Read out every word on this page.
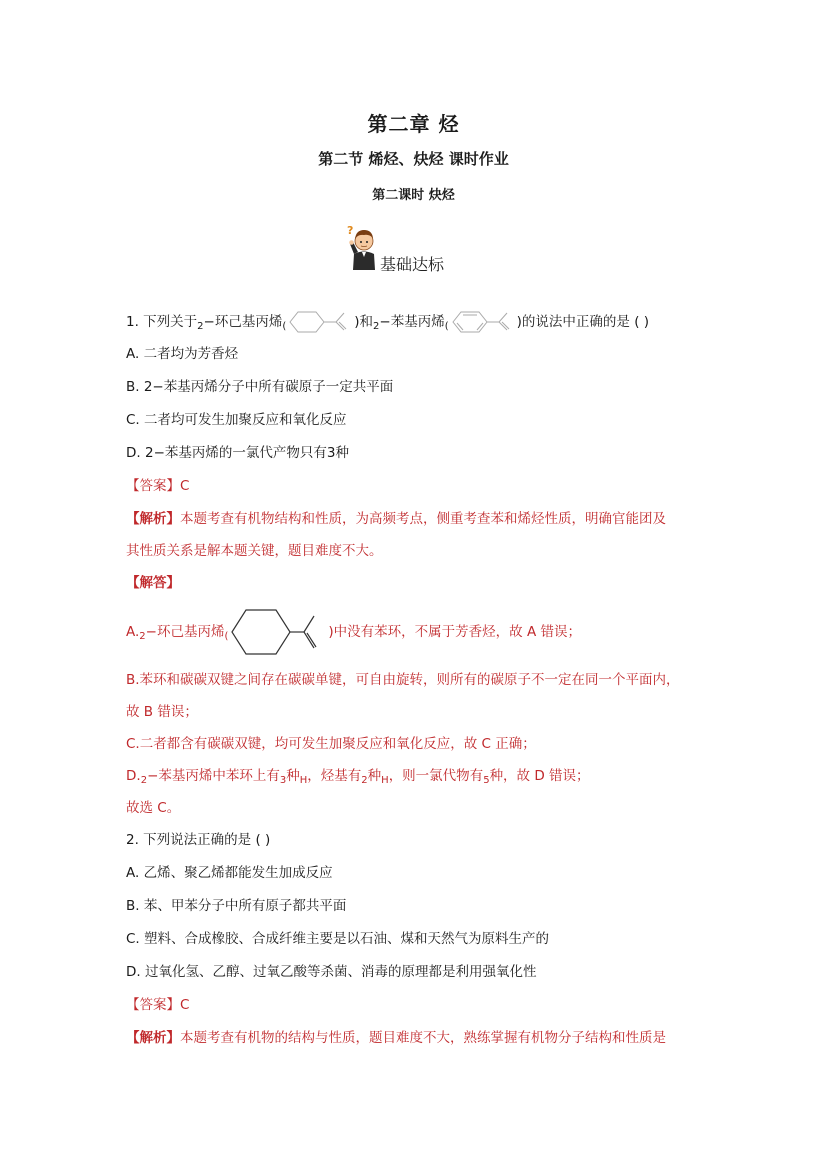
第二章 烃
第二节 烯烃、炔烃 课时作业
第二课时 炔烃
?
基础达标
1. 下列关于$_2$−环己基丙烯$_($	)和$_2$−苯基丙烯$_($	)的说法中正确的是 ( )
A. 二者均为芳香烃
B. 2−苯基丙烯分子中所有碳原子一定共平面
C. 二者均可发生加聚反应和氧化反应
D. 2−苯基丙烯的一氯代产物只有3种
【答案】C
【解析】本题考查有机物结构和性质，为高频考点，侧重考查苯和烯烃性质，明确官能团及
其性质关系是解本题关键，题目难度不大。
【解答】
$A._2-$环己基丙烯$_($	)中没有苯环，不属于芳香烃，故 A 错误；
B.苯环和碳碳双键之间存在碳碳单键，可自由旋转，则所有的碳原子不一定在同一个平面内，
故 B 错误；
C.二者都含有碳碳双键，均可发生加聚反应和氧化反应，故 C 正确；
$D._2-$苯基丙烯中苯环上有$_3$种$_H$，烃基有$_2$种$_H$，则一氯代物有$_5$种，故 D 错误；
故选 C。
2. 下列说法正确的是 ( )
A. 乙烯、聚乙烯都能发生加成反应
B. 苯、甲苯分子中所有原子都共平面
C. 塑料、合成橡胶、合成纤维主要是以石油、煤和天然气为原料生产的
D. 过氧化氢、乙醇、过氧乙酸等杀菌、消毒的原理都是利用强氧化性
【答案】C
【解析】本题考查有机物的结构与性质，题目难度不大，熟练掌握有机物分子结构和性质是
